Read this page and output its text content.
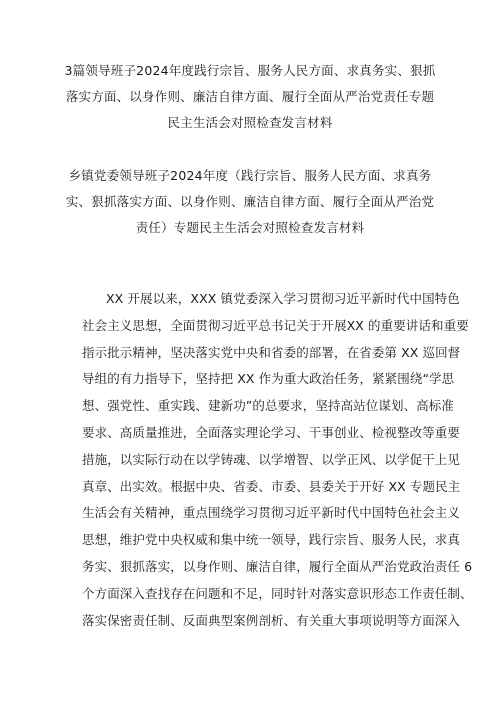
3篇领导班子2024年度践行宗旨、服务人民方面、求真务实、狠抓
落实方面、以身作则、廉洁自律方面、履行全面从严治党责任专题
民主生活会对照检查发言材料
乡镇党委领导班子2024年度（践行宗旨、服务人民方面、求真务
实、狠抓落实方面、以身作则、廉洁自律方面、履行全面从严治党
责任）专题民主生活会对照检查发言材料
XX 开展以来，XXX 镇党委深入学习贯彻习近平新时代中国特色
社会主义思想，全面贯彻习近平总书记关于开展XX 的重要讲话和重要
指示批示精神，坚决落实党中央和省委的部署，在省委第 XX 巡回督
导组的有力指导下，坚持把 XX 作为重大政治任务，紧紧围绕“学思
想、强党性、重实践、建新功”的总要求，坚持高站位谋划、高标准
要求、高质量推进，全面落实理论学习、干事创业、检视整改等重要
措施，以实际行动在以学铸魂、以学增智、以学正风、以学促干上见
真章、出实效。根据中央、省委、市委、县委关于开好 XX 专题民主
生活会有关精神，重点围绕学习贯彻习近平新时代中国特色社会主义
思想，维护党中央权威和集中统一领导，践行宗旨、服务人民，求真
务实、狠抓落实，以身作则、廉洁自律，履行全面从严治党政治责任 6
个方面深入查找存在问题和不足，同时针对落实意识形态工作责任制、
落实保密责任制、反面典型案例剖析、有关重大事项说明等方面深入
